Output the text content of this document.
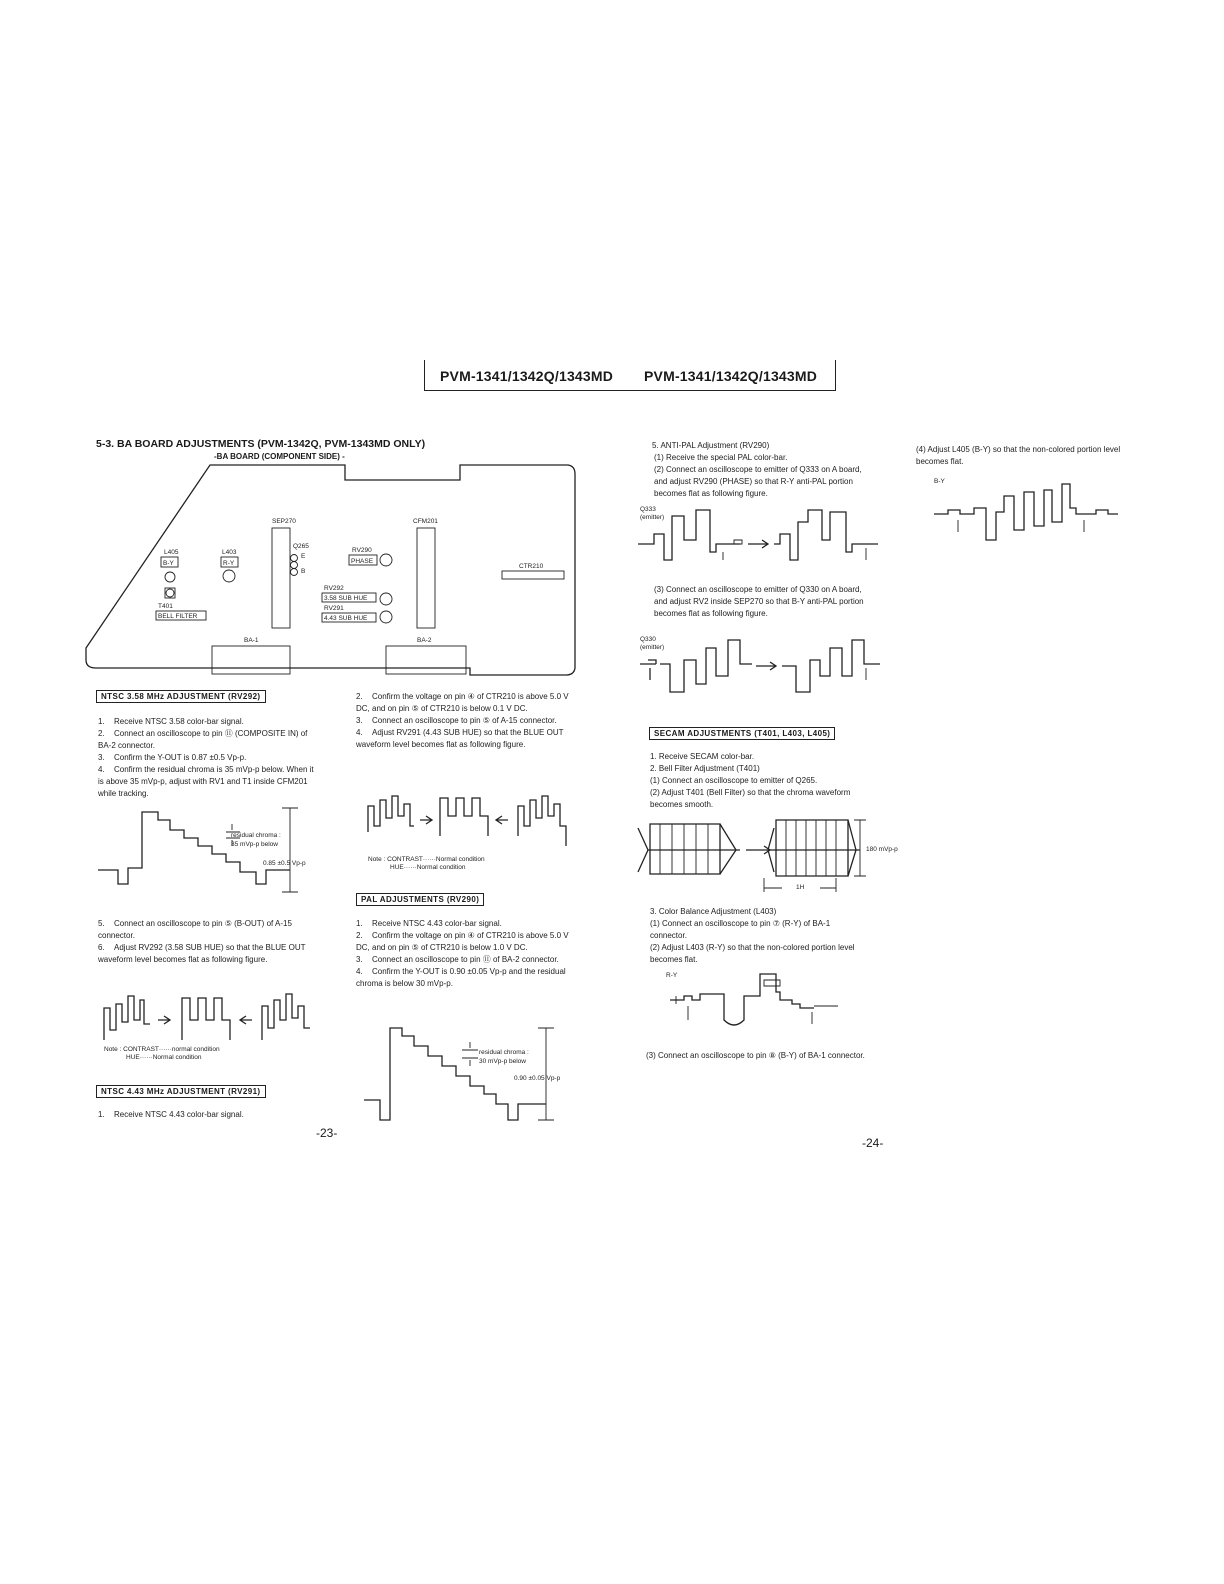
PVM-1341/1342Q/1343MD PVM-1341/1342Q/1343MD
5-3. BA BOARD ADJUSTMENTS (PVM-1342Q, PVM-1343MD ONLY)
-BA BOARD (COMPONENT SIDE) -
SEP270	CFM201
Q265
E
B
L405
B-Y
L403
R-Y
RV290
PHASE
RV292
3.58 SUB HUE
RV291
4.43 SUB HUE
CTR210
T401
BELL FILTER
BA-1	BA-2
NTSC 3.58 MHz ADJUSTMENT (RV292)
1. Receive NTSC 3.58 color-bar signal.
2. Connect an oscilloscope to pin ⑪ (COMPOSITE IN) of BA-2 connector.
3. Confirm the Y-OUT is 0.87 ±0.5 Vp-p.
4. Confirm the residual chroma is 35 mVp-p below. When it is above 35 mVp-p, adjust with RV1 and T1 inside CFM201 while tracking.
residual chroma :
35 mVp-p below
0.85 ±0.5 Vp-p
5. Connect an oscilloscope to pin ⑤ (B-OUT) of A-15 connector.
6. Adjust RV292 (3.58 SUB HUE) so that the BLUE OUT waveform level becomes flat as following figure.
Note : CONTRAST······normal condition
HUE······Normal condition
NTSC 4.43 MHz ADJUSTMENT (RV291)
1. Receive NTSC 4.43 color-bar signal.
2. Confirm the voltage on pin ④ of CTR210 is above 5.0 V DC, and on pin ⑤ of CTR210 is below 0.1 V DC.
3. Connect an oscilloscope to pin ⑤ of A-15 connector.
4. Adjust RV291 (4.43 SUB HUE) so that the BLUE OUT waveform level becomes flat as following figure.
Note : CONTRAST······Normal condition
HUE······Normal condition
PAL ADJUSTMENTS (RV290)
1. Receive NTSC 4.43 color-bar signal.
2. Confirm the voltage on pin ④ of CTR210 is above 5.0 V DC, and on pin ⑤ of CTR210 is below 1.0 V DC.
3. Connect an oscilloscope to pin ⑪ of BA-2 connector.
4. Confirm the Y-OUT is 0.90 ±0.05 Vp-p and the residual chroma is below 30 mVp-p.
residual chroma :
30 mVp-p below
0.90 ±0.05 Vp-p
-23-
5. ANTI-PAL Adjustment (RV290)
(1) Receive the special PAL color-bar.
(2) Connect an oscilloscope to emitter of Q333 on A board, and adjust RV290 (PHASE) so that R-Y anti-PAL portion becomes flat as following figure.
Q333
(emitter)
(3) Connect an oscilloscope to emitter of Q330 on A board, and adjust RV2 inside SEP270 so that B-Y anti-PAL portion becomes flat as following figure.
Q330
(emitter)
SECAM ADJUSTMENTS (T401, L403, L405)
1. Receive SECAM color-bar.
2. Bell Filter Adjustment (T401)
(1) Connect an oscilloscope to emitter of Q265.
(2) Adjust T401 (Bell Filter) so that the chroma waveform becomes smooth.
180 mVp-p
1H
3. Color Balance Adjustment (L403)
(1) Connect an oscilloscope to pin ⑦ (R-Y) of BA-1 connector.
(2) Adjust L403 (R-Y) so that the non-colored portion level becomes flat.
R-Y
(3) Connect an oscilloscope to pin ⑧ (B-Y) of BA-1 connector.
(4) Adjust L405 (B-Y) so that the non-colored portion level becomes flat.
B-Y
-24-
